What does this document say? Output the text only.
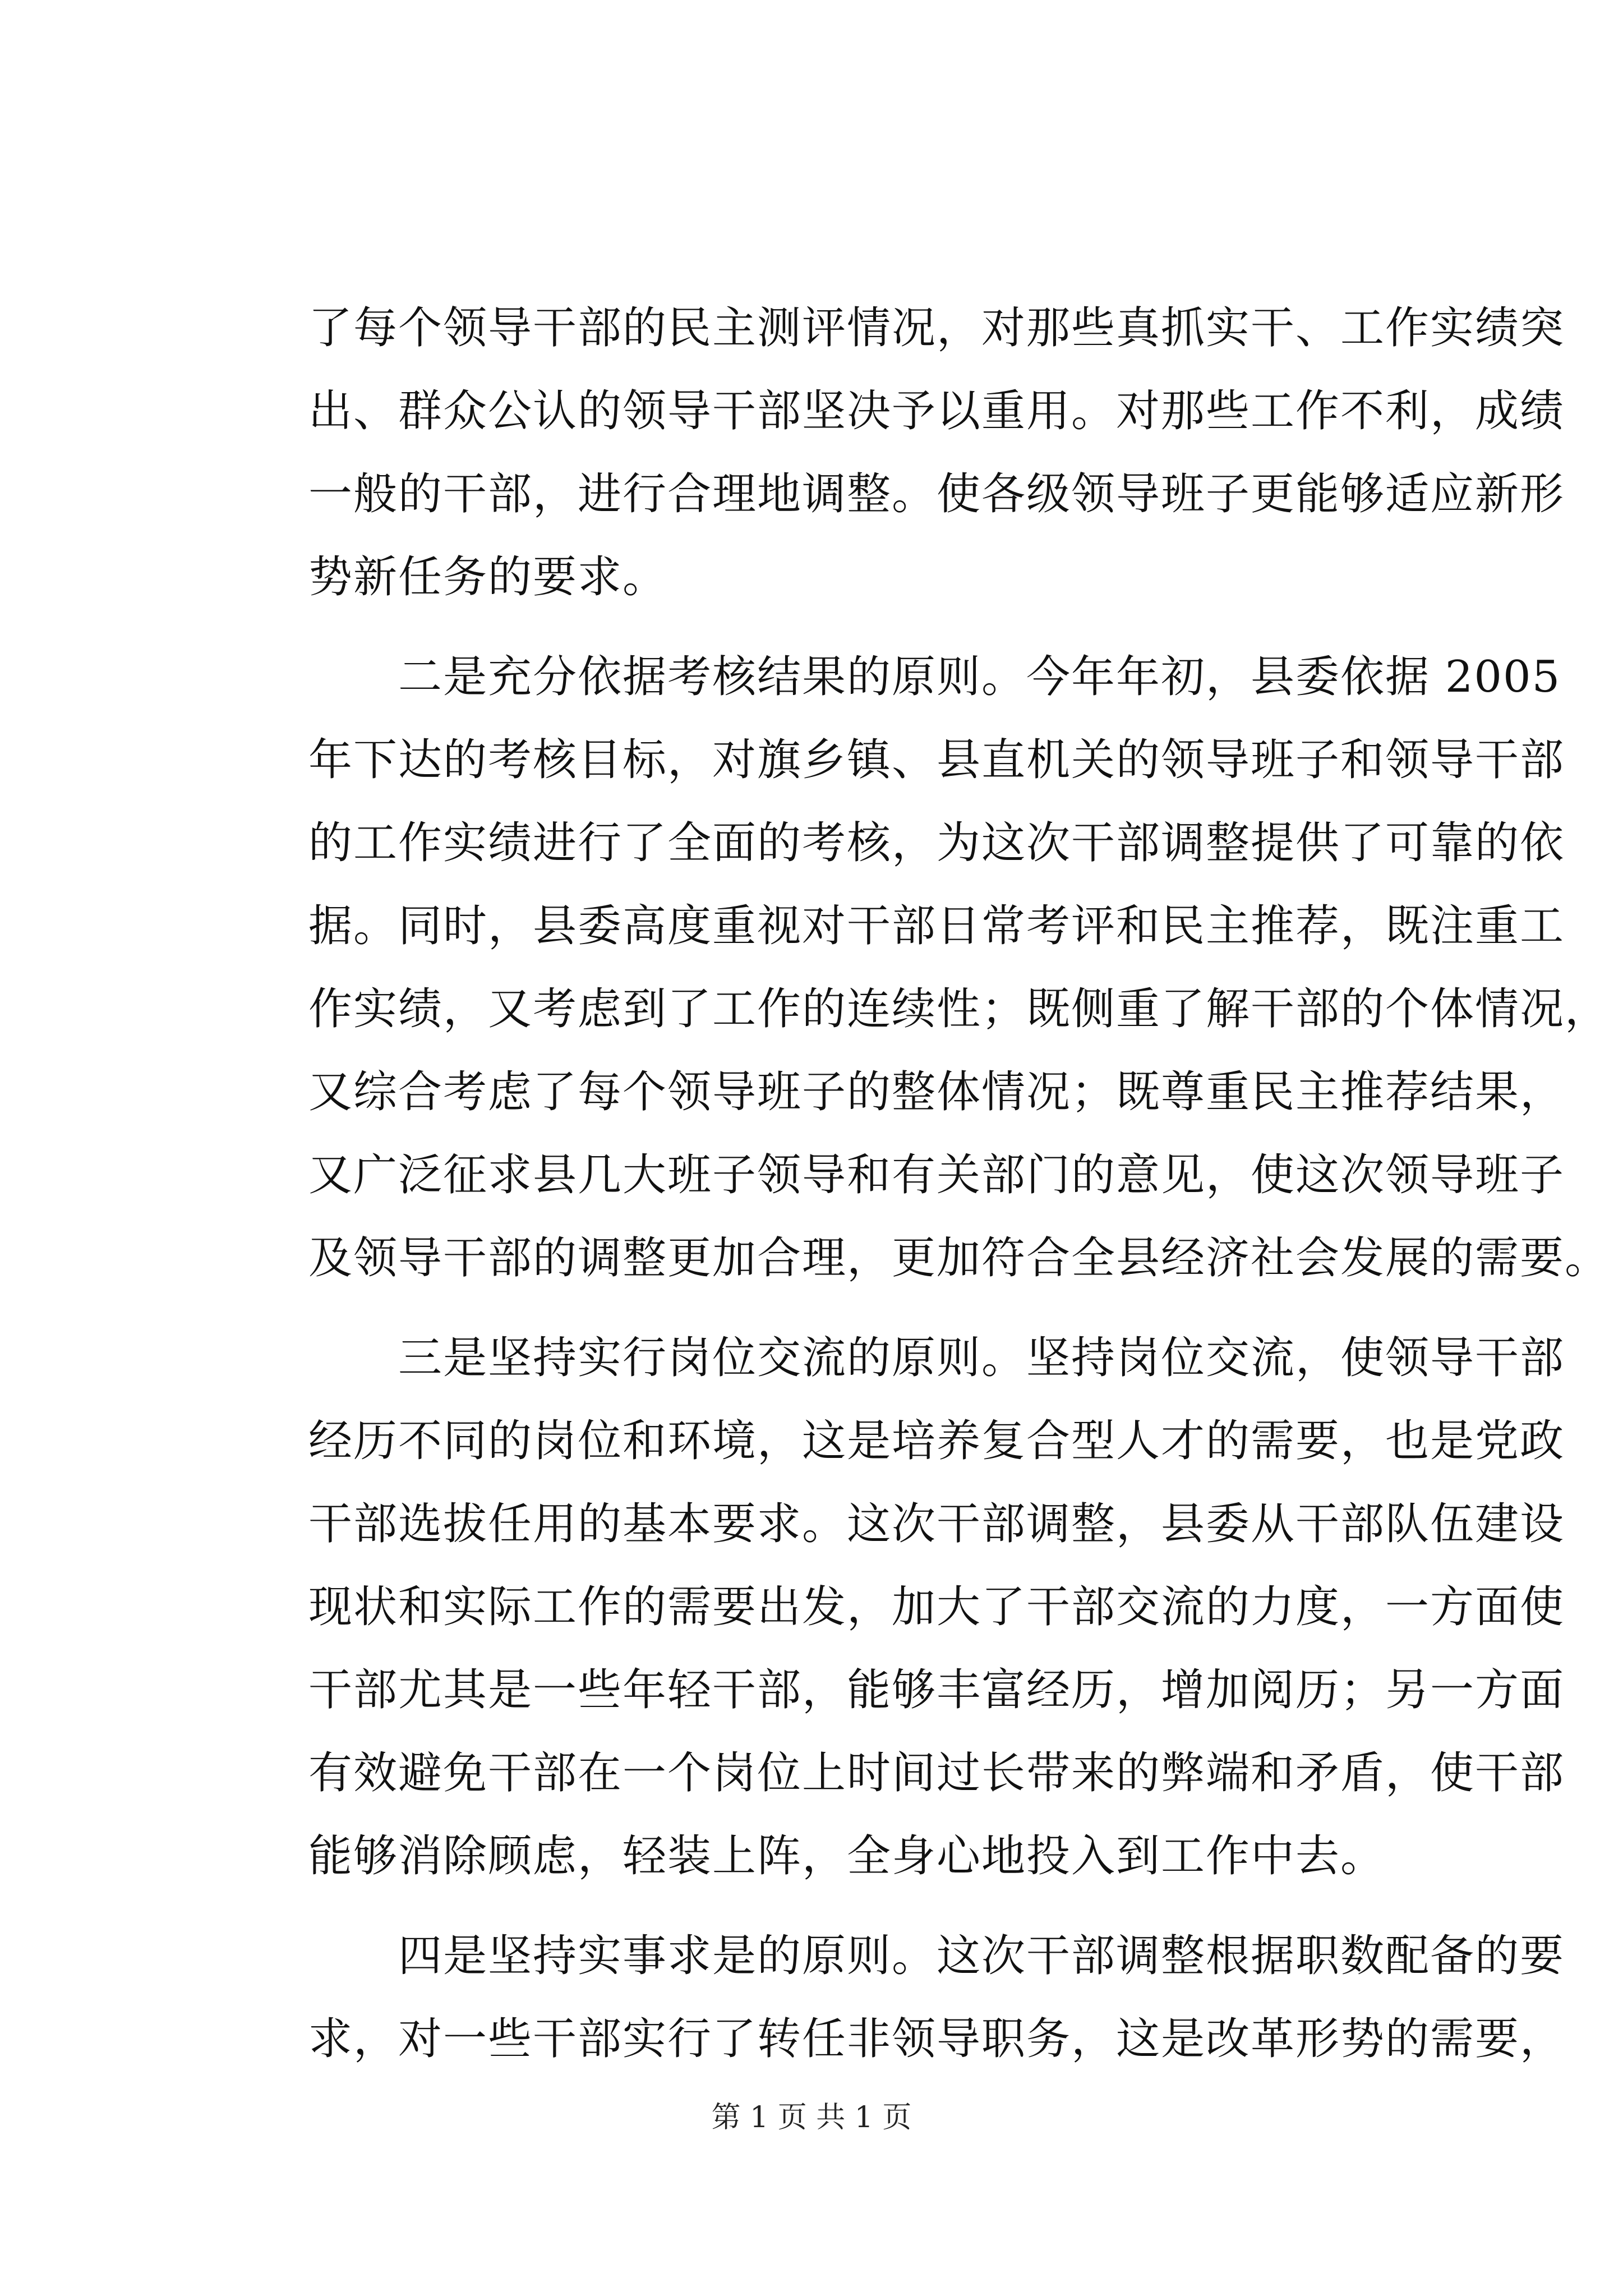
了每个领导干部的民主测评情况，对那些真抓实干、工作实绩突
出、群众公认的领导干部坚决予以重用。对那些工作不利，成绩
一般的干部，进行合理地调整。使各级领导班子更能够适应新形
势新任务的要求。
二是充分依据考核结果的原则。今年年初，县委依据 2005
年下达的考核目标，对旗乡镇、县直机关的领导班子和领导干部
的工作实绩进行了全面的考核，为这次干部调整提供了可靠的依
据。同时，县委高度重视对干部日常考评和民主推荐，既注重工
作实绩，又考虑到了工作的连续性；既侧重了解干部的个体情况，
又综合考虑了每个领导班子的整体情况；既尊重民主推荐结果，
又广泛征求县几大班子领导和有关部门的意见，使这次领导班子
及领导干部的调整更加合理，更加符合全县经济社会发展的需要。
三是坚持实行岗位交流的原则。坚持岗位交流，使领导干部
经历不同的岗位和环境，这是培养复合型人才的需要，也是党政
干部选拔任用的基本要求。这次干部调整，县委从干部队伍建设
现状和实际工作的需要出发，加大了干部交流的力度，一方面使
干部尤其是一些年轻干部，能够丰富经历，增加阅历；另一方面
有效避免干部在一个岗位上时间过长带来的弊端和矛盾，使干部
能够消除顾虑，轻装上阵，全身心地投入到工作中去。
四是坚持实事求是的原则。这次干部调整根据职数配备的要
求，对一些干部实行了转任非领导职务，这是改革形势的需要，
第 1 页 共 1 页
